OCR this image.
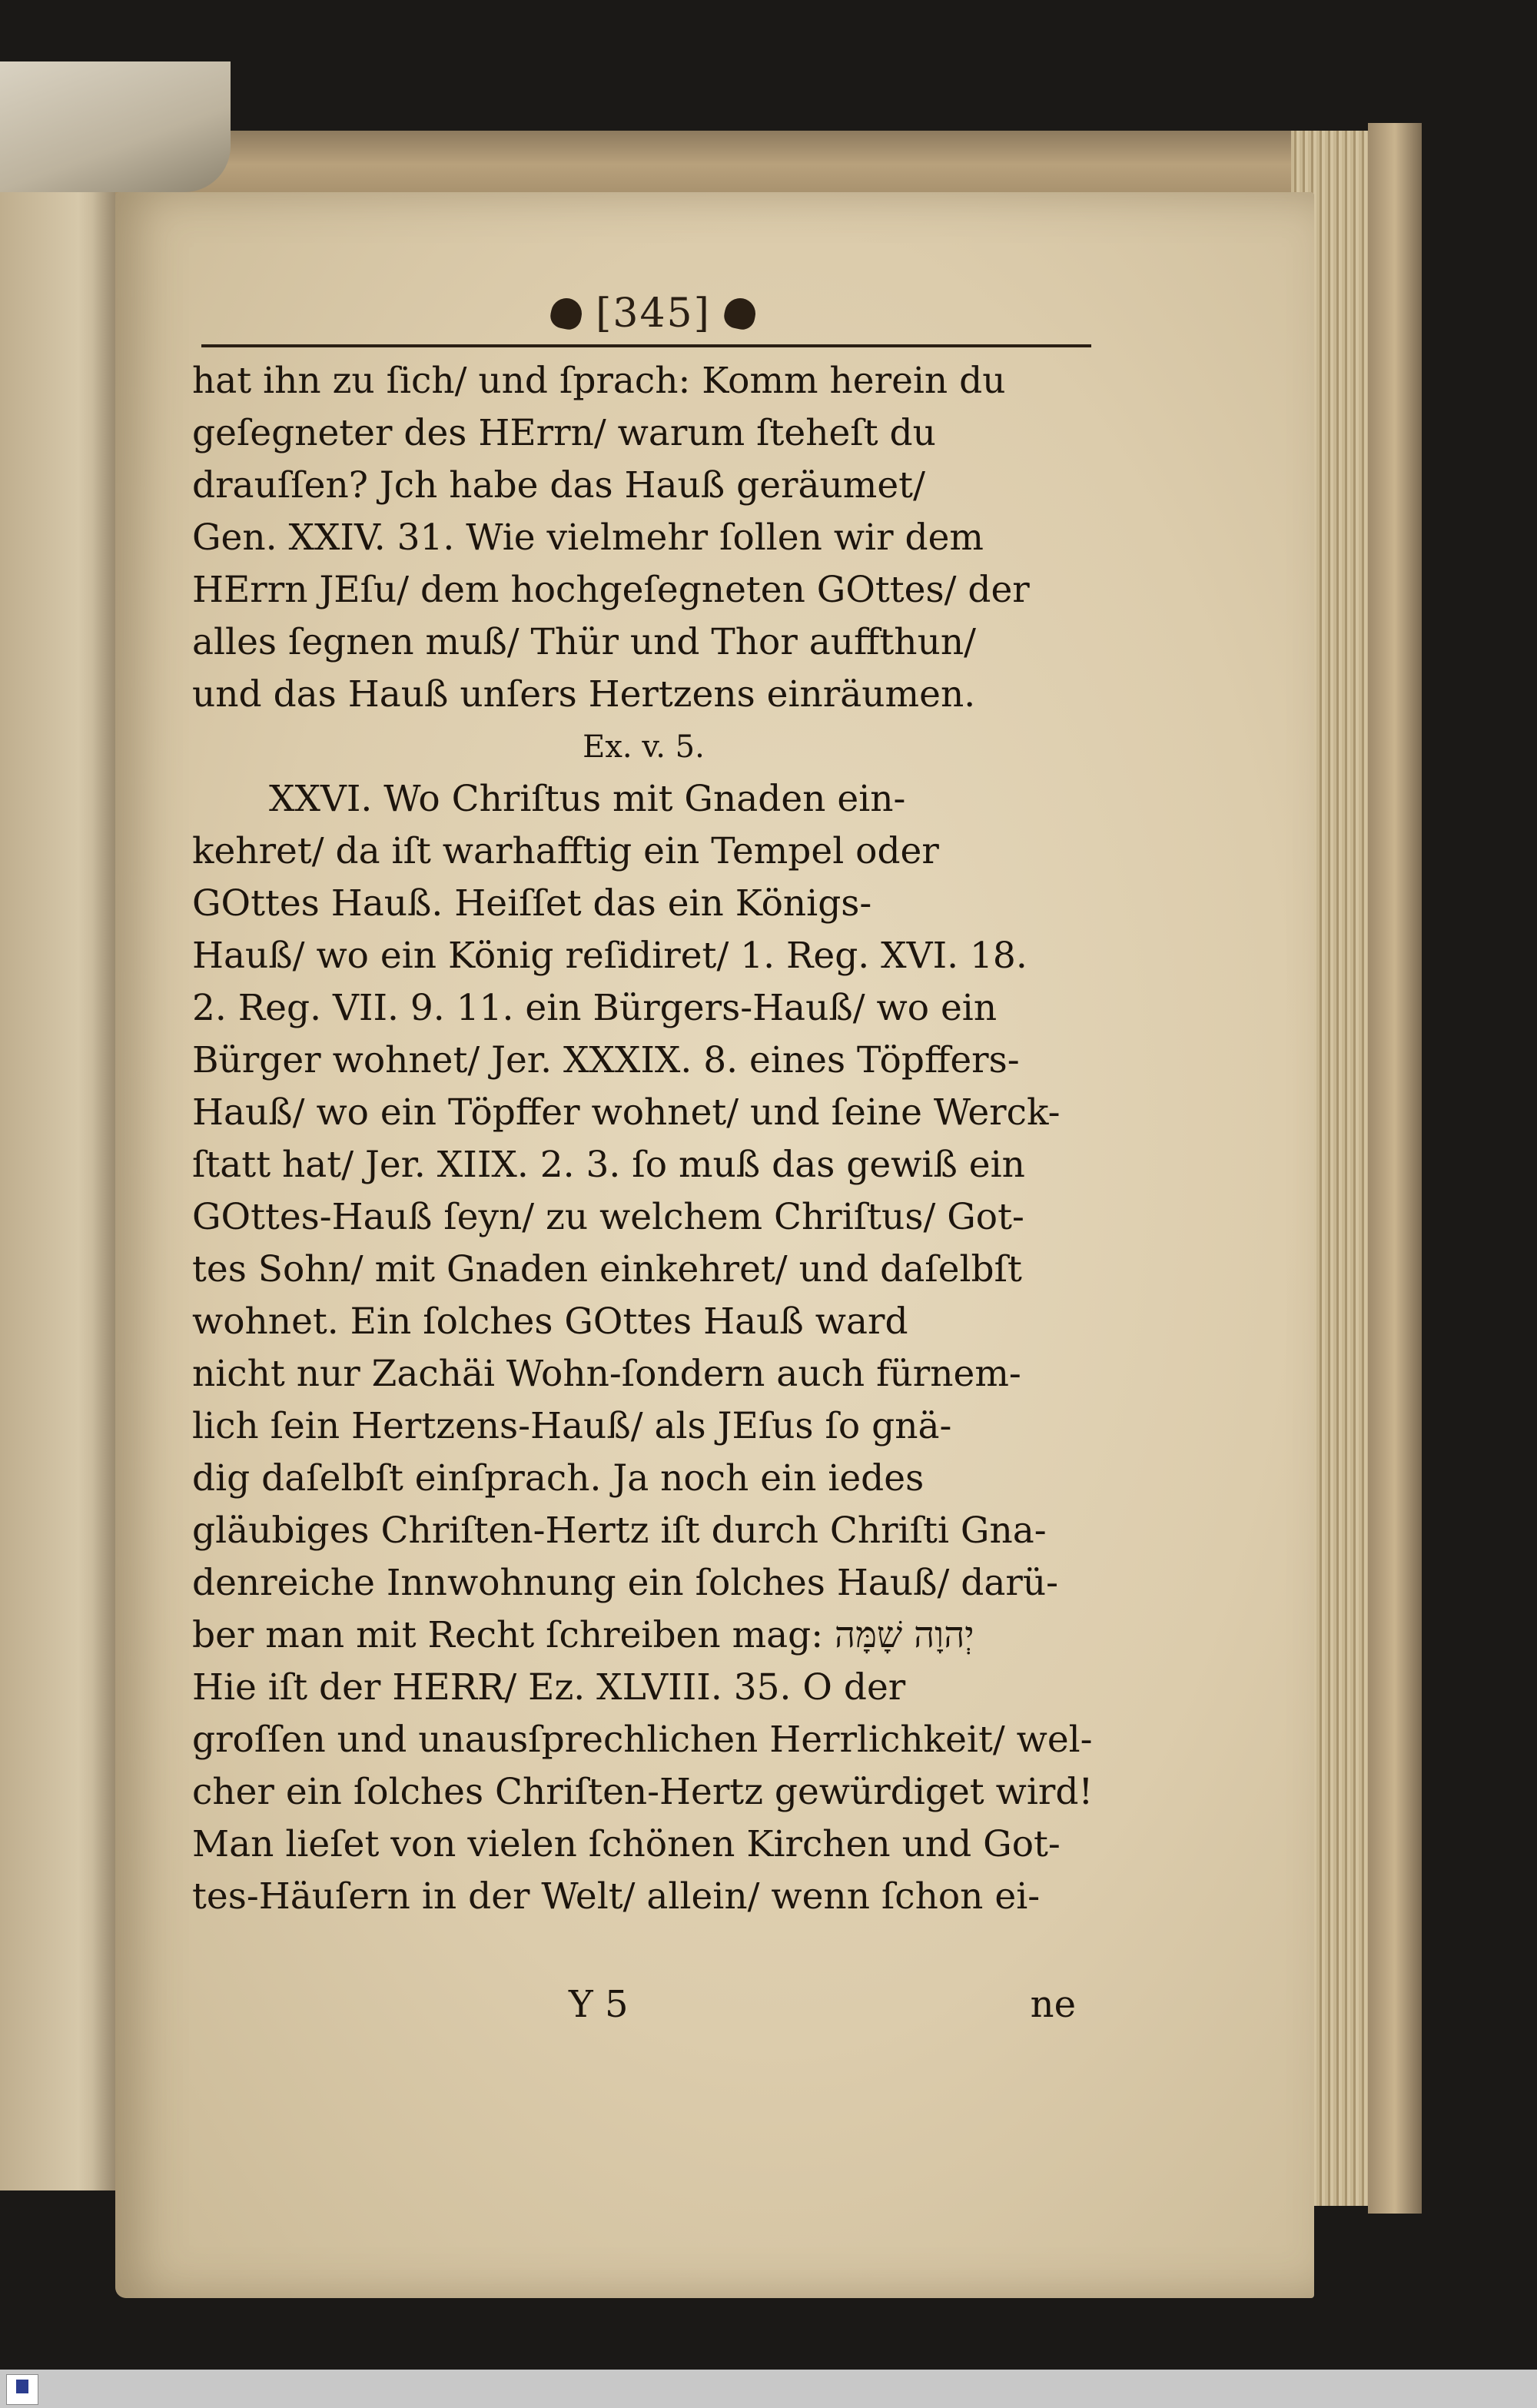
[345]
hat ihn zu ſich/ und ſprach: Komm herein du
geſegneter des HErrn/ warum ſteheſt du
drauſſen? Jch habe das Hauß geräumet/
Gen. XXIV. 31. Wie vielmehr ſollen wir dem
HErrn JEſu/ dem hochgeſegneten GOttes/ der
alles ſegnen muß/ Thür und Thor auffthun/
und das Hauß unſers Hertzens einräumen.
Ex. v. 5.
XXVI. Wo Chriſtus mit Gnaden ein-
kehret/ da iſt warhafftig ein Tempel oder
GOttes Hauß. Heiſſet das ein Königs-
Hauß/ wo ein König reſidiret/ 1. Reg. XVI. 18.
2. Reg. VII. 9. 11. ein Bürgers-Hauß/ wo ein
Bürger wohnet/ Jer. XXXIX. 8. eines Töpffers-
Hauß/ wo ein Töpffer wohnet/ und ſeine Werck-
ſtatt hat/ Jer. XIIX. 2. 3. ſo muß das gewiß ein
GOttes-Hauß ſeyn/ zu welchem Chriſtus/ Got-
tes Sohn/ mit Gnaden einkehret/ und daſelbſt
wohnet. Ein ſolches GOttes Hauß ward
nicht nur Zachäi Wohn-ſondern auch fürnem-
lich ſein Hertzens-Hauß/ als JEſus ſo gnä-
dig daſelbſt einſprach. Ja noch ein iedes
gläubiges Chriſten-Hertz iſt durch Chriſti Gna-
denreiche Innwohnung ein ſolches Hauß/ darü-
ber man mit Recht ſchreiben mag: יְהוָה שָׁמָּה
Hie iſt der HERR/ Ez. XLVIII. 35. O der
groſſen und unausſprechlichen Herrlichkeit/ wel-
cher ein ſolches Chriſten-Hertz gewürdiget wird!
Man lieſet von vielen ſchönen Kirchen und Got-
tes-Häuſern in der Welt/ allein/ wenn ſchon ei-
Y 5	ne
